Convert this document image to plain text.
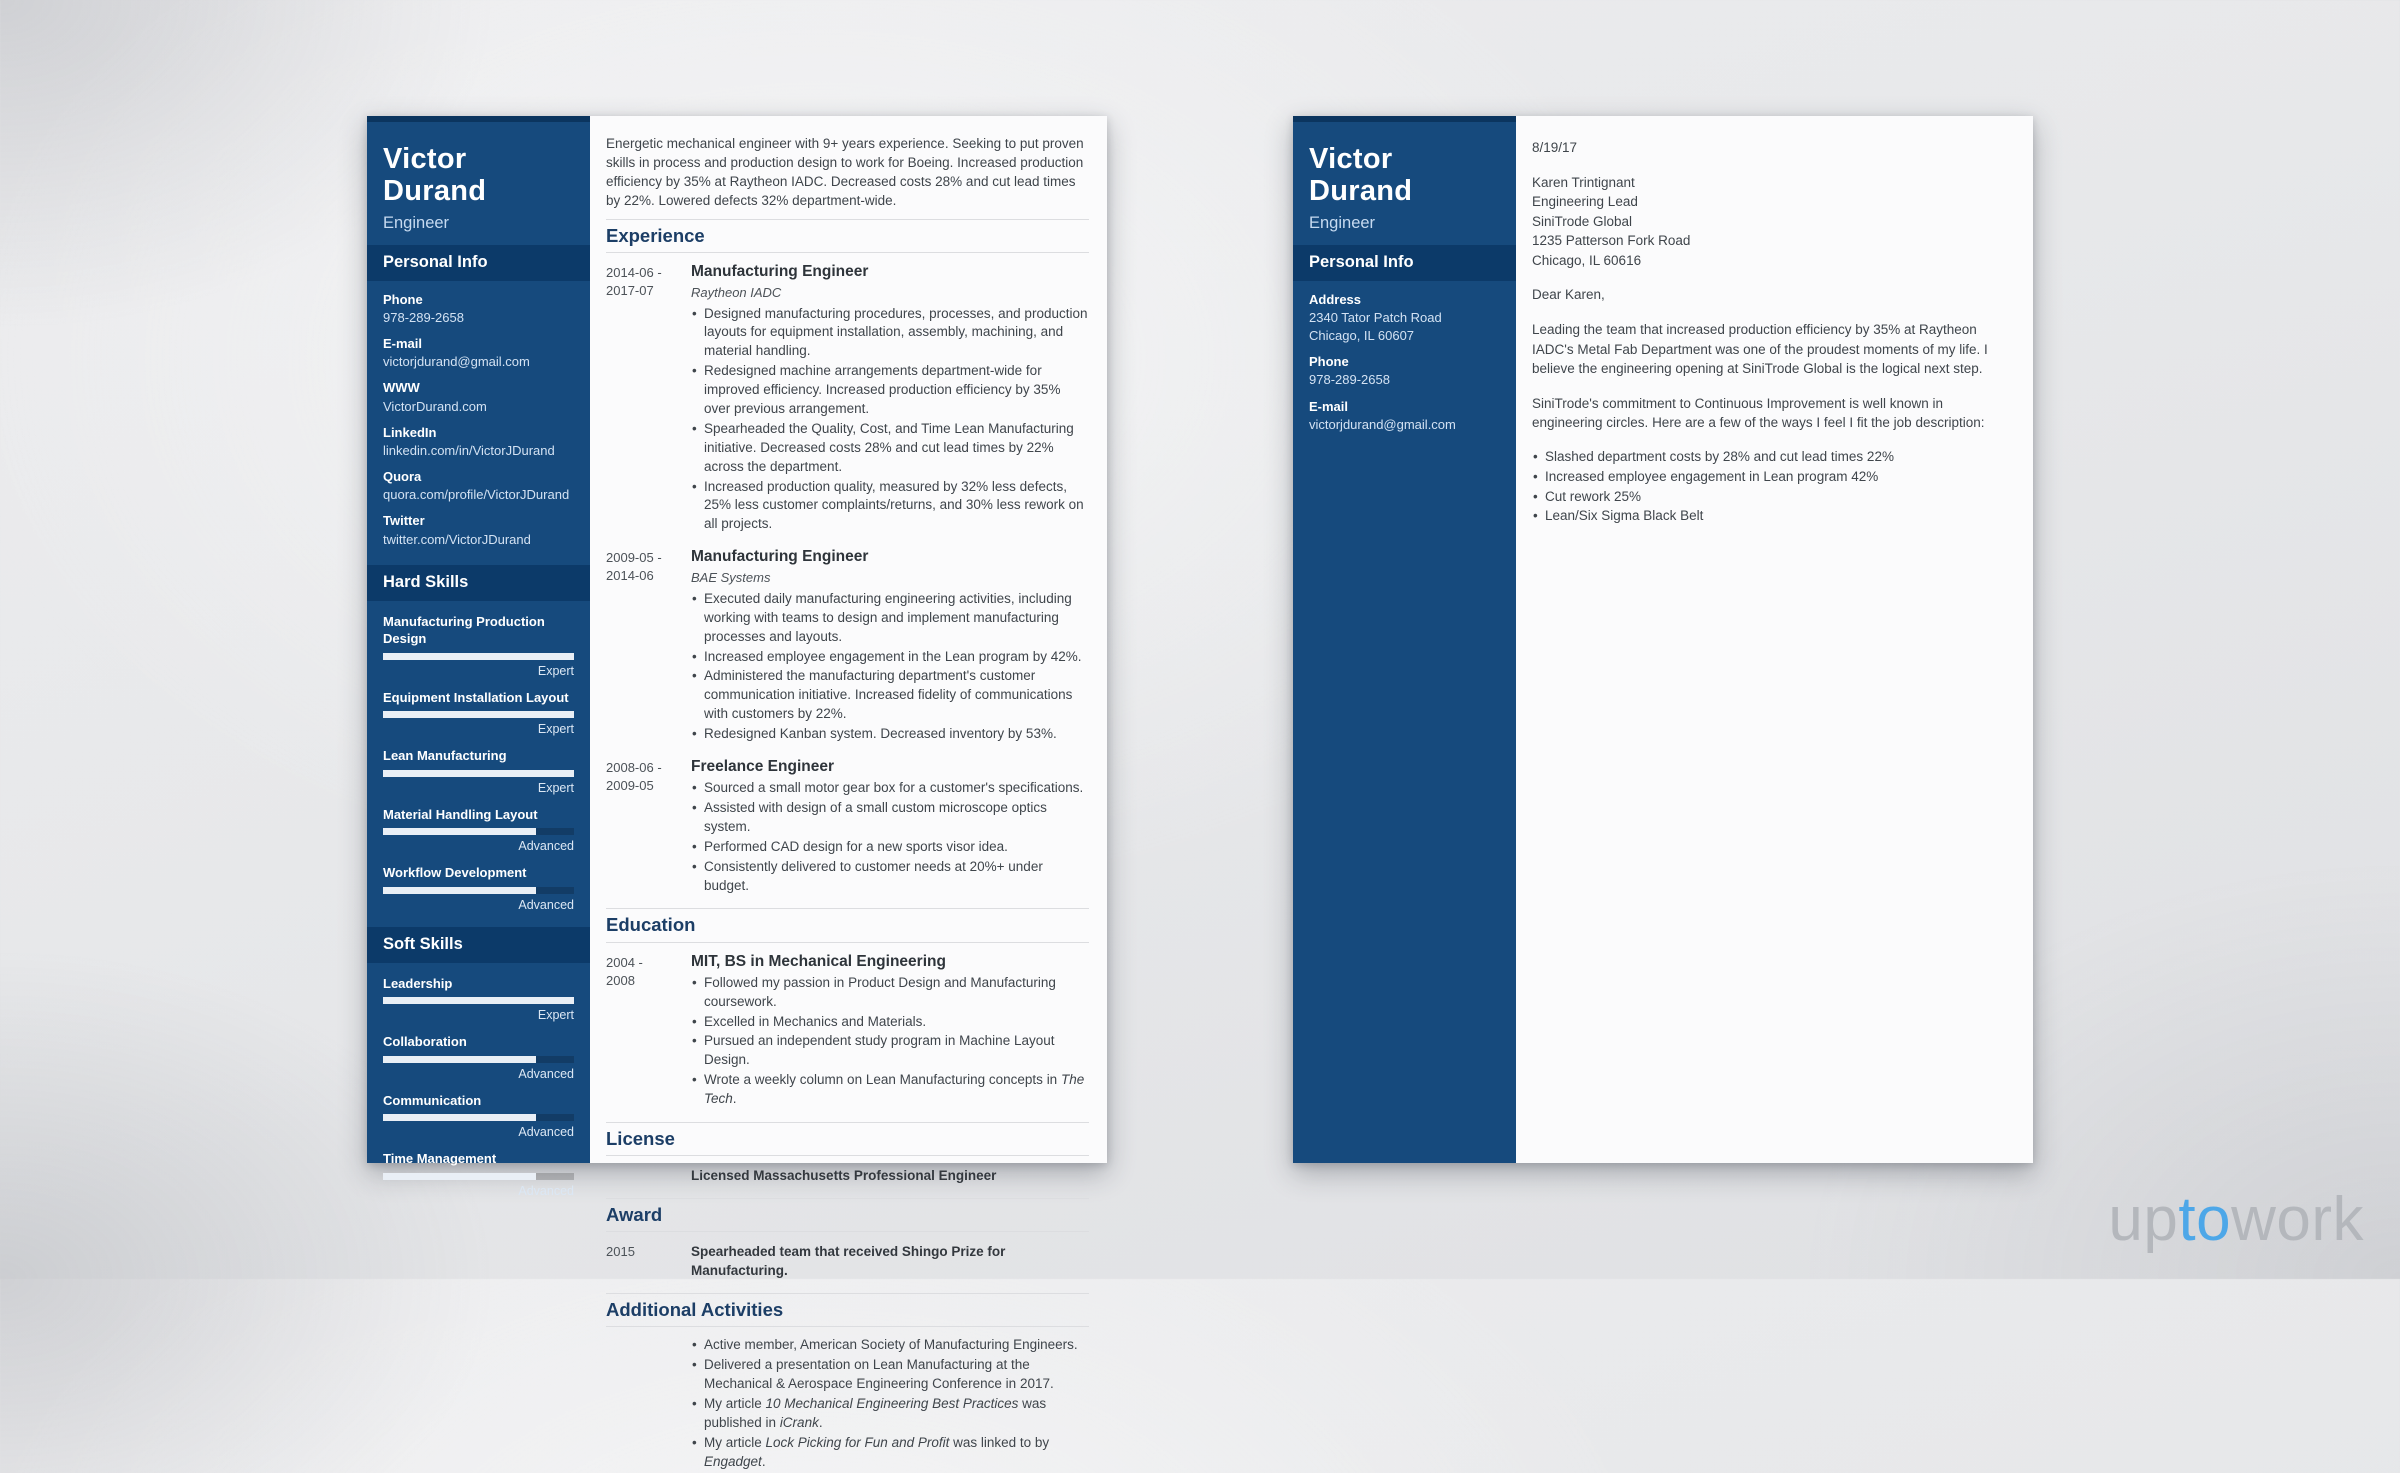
Victor Durand
Engineer
Personal Info
Phone
978-289-2658
E-mail
victorjdurand@gmail.com
WWW
VictorDurand.com
LinkedIn
linkedin.com/in/VictorJDurand
Quora
quora.com/profile/VictorJDurand
Twitter
twitter.com/VictorJDurand
Hard Skills
Manufacturing Production Design
Expert
Equipment Installation Layout
Expert
Lean Manufacturing
Expert
Material Handling Layout
Advanced
Workflow Development
Advanced
Soft Skills
Leadership
Expert
Collaboration
Advanced
Communication
Advanced
Time Management
Advanced

Energetic mechanical engineer with 9+ years experience. Seeking to put proven skills in process and production design to work for Boeing. Increased production efficiency by 35% at Raytheon IADC. Decreased costs 28% and cut lead times by 22%. Lowered defects 32% department-wide.

Experience
2014-06 -
2017-07
Manufacturing Engineer
Raytheon IADC
• Designed manufacturing procedures, processes, and production layouts for equipment installation, assembly, machining, and material handling.
• Redesigned machine arrangements department-wide for improved efficiency. Increased production efficiency by 35% over previous arrangement.
• Spearheaded the Quality, Cost, and Time Lean Manufacturing initiative. Decreased costs 28% and cut lead times by 22% across the department.
• Increased production quality, measured by 32% less defects, 25% less customer complaints/returns, and 30% less rework on all projects.
2009-05 -
2014-06
Manufacturing Engineer
BAE Systems
• Executed daily manufacturing engineering activities, including working with teams to design and implement manufacturing processes and layouts.
• Increased employee engagement in the Lean program by 42%.
• Administered the manufacturing department's customer communication initiative. Increased fidelity of communications with customers by 22%.
• Redesigned Kanban system. Decreased inventory by 53%.
2008-06 -
2009-05
Freelance Engineer
• Sourced a small motor gear box for a customer's specifications.
• Assisted with design of a small custom microscope optics system.
• Performed CAD design for a new sports visor idea.
• Consistently delivered to customer needs at 20%+ under budget.
Education
2004 -
2008
MIT, BS in Mechanical Engineering
• Followed my passion in Product Design and Manufacturing coursework.
• Excelled in Mechanics and Materials.
• Pursued an independent study program in Machine Layout Design.
• Wrote a weekly column on Lean Manufacturing concepts in The Tech.
License
Licensed Massachusetts Professional Engineer
Award
2015	Spearheaded team that received Shingo Prize for Manufacturing.
Additional Activities
• Active member, American Society of Manufacturing Engineers.
• Delivered a presentation on Lean Manufacturing at the Mechanical & Aerospace Engineering Conference in 2017.
• My article 10 Mechanical Engineering Best Practices was published in iCrank.
• My article Lock Picking for Fun and Profit was linked to by Engadget.
Victor Durand
Engineer
Personal Info
Address
2340 Tator Patch Road
Chicago, IL 60607
Phone
978-289-2658
E-mail
victorjdurand@gmail.com
8/19/17
Karen Trintignant
Engineering Lead
SiniTrode Global
1235 Patterson Fork Road
Chicago, IL 60616
Dear Karen,

Leading the team that increased production efficiency by 35% at Raytheon IADC's Metal Fab Department was one of the proudest moments of my life. I believe the engineering opening at SiniTrode Global is the logical next step.

SiniTrode's commitment to Continuous Improvement is well known in engineering circles. Here are a few of the ways I feel I fit the job description:

• Slashed department costs by 28% and cut lead times 22%
• Increased employee engagement in Lean program 42%
• Cut rework 25%
• Lean/Six Sigma Black Belt
uptowork
